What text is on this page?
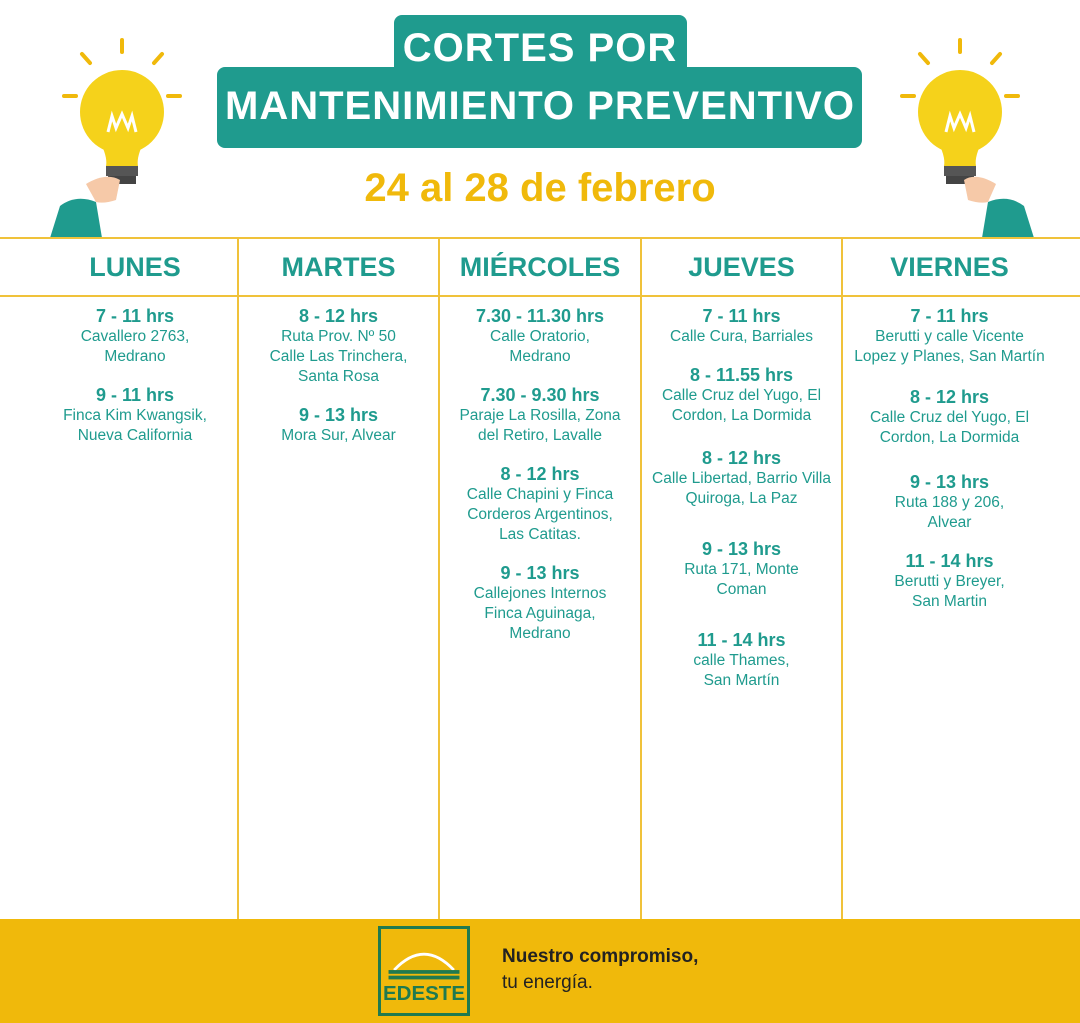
CORTES POR
MANTENIMIENTO PREVENTIVO
24 al 28 de febrero
LUNES
7 - 11 hrs
Cavallero 2763,
Medrano
9 - 11 hrs
Finca Kim Kwangsik,
Nueva California
MARTES
8 - 12 hrs
Ruta Prov. Nº 50
Calle Las Trinchera,
Santa Rosa
9 - 13 hrs
Mora Sur, Alvear
MIÉRCOLES
7.30 - 11.30 hrs
Calle Oratorio,
Medrano
7.30 - 9.30 hrs
Paraje La Rosilla, Zona
del Retiro, Lavalle
8 - 12 hrs
Calle Chapini y Finca
Corderos Argentinos,
Las Catitas.
9 - 13 hrs
Callejones Internos
Finca Aguinaga,
Medrano
JUEVES
7 - 11 hrs
Calle Cura, Barriales
8 - 11.55 hrs
Calle Cruz del Yugo, El
Cordon, La Dormida
8 - 12 hrs
Calle Libertad, Barrio Villa
Quiroga, La Paz
9 - 13 hrs
Ruta 171, Monte
Coman
11 - 14 hrs
calle Thames,
San Martín
VIERNES
7 - 11 hrs
Berutti y calle Vicente
Lopez y Planes, San Martín
8 - 12 hrs
Calle Cruz del Yugo, El
Cordon, La Dormida
9 - 13 hrs
Ruta 188 y 206,
Alvear
11 - 14 hrs
Berutti y Breyer,
San Martin
EDESTE
Nuestro compromiso,
tu energía.
